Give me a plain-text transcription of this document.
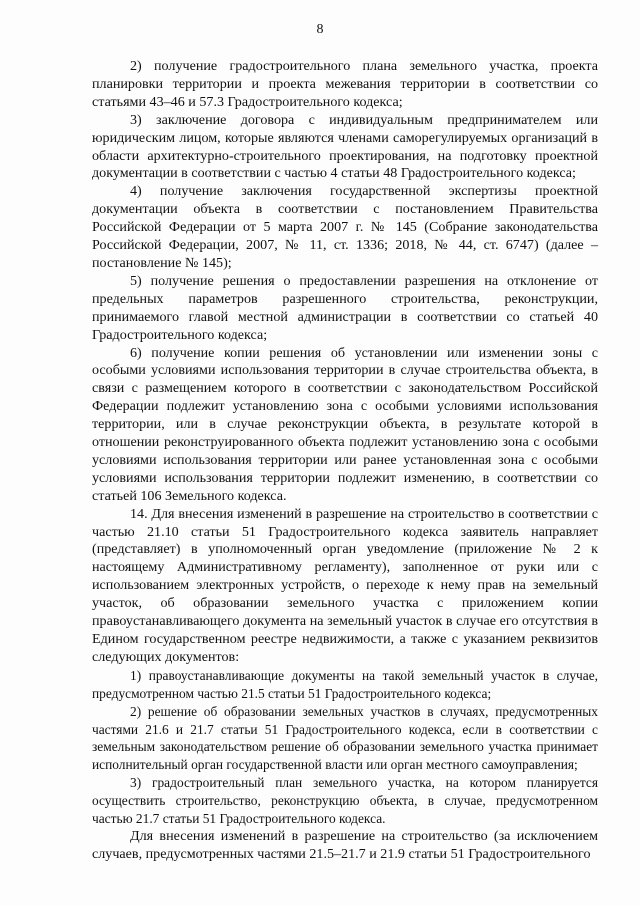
8

2) получение градостроительного плана земельного участка, проекта планировки территории и проекта межевания территории в соответствии со статьями 43–46 и 57.3 Градостроительного кодекса;

3) заключение договора с индивидуальным предпринимателем или юридическим лицом, которые являются членами саморегулируемых организаций в области архитектурно-строительного проектирования, на подготовку проектной документации в соответствии с частью 4 статьи 48 Градостроительного кодекса;

4) получение заключения государственной экспертизы проектной документации объекта в соответствии с постановлением Правительства Российской Федерации от 5 марта 2007 г. № 145 (Собрание законодательства Российской Федерации, 2007, № 11, ст. 1336; 2018, № 44, ст. 6747) (далее – постановление № 145);

5) получение решения о предоставлении разрешения на отклонение от предельных параметров разрешенного строительства, реконструкции, принимаемого главой местной администрации в соответствии со статьей 40 Градостроительного кодекса;

6) получение копии решения об установлении или изменении зоны с особыми условиями использования территории в случае строительства объекта, в связи с размещением которого в соответствии с законодательством Российской Федерации подлежит установлению зона с особыми условиями использования территории, или в случае реконструкции объекта, в результате которой в отношении реконструированного объекта подлежит установлению зона с особыми условиями использования территории или ранее установленная зона с особыми условиями использования территории подлежит изменению, в соответствии со статьей 106 Земельного кодекса.

14. Для внесения изменений в разрешение на строительство в соответствии с частью 21.10 статьи 51 Градостроительного кодекса заявитель направляет (представляет) в уполномоченный орган уведомление (приложение № 2 к настоящему Административному регламенту), заполненное от руки или с использованием электронных устройств, о переходе к нему прав на земельный участок, об образовании земельного участка с приложением копии правоустанавливающего документа на земельный участок в случае его отсутствия в Едином государственном реестре недвижимости, а также с указанием реквизитов следующих документов:

1) правоустанавливающие документы на такой земельный участок в случае, предусмотренном частью 21.5 статьи 51 Градостроительного кодекса;

2) решение об образовании земельных участков в случаях, предусмотренных частями 21.6 и 21.7 статьи 51 Градостроительного кодекса, если в соответствии с земельным законодательством решение об образовании земельного участка принимает исполнительный орган государственной власти или орган местного самоуправления;

3) градостроительный план земельного участка, на котором планируется осуществить строительство, реконструкцию объекта, в случае, предусмотренном частью 21.7 статьи 51 Градостроительного кодекса.

Для внесения изменений в разрешение на строительство (за исключением случаев, предусмотренных частями 21.5–21.7 и 21.9 статьи 51 Градостроительного
